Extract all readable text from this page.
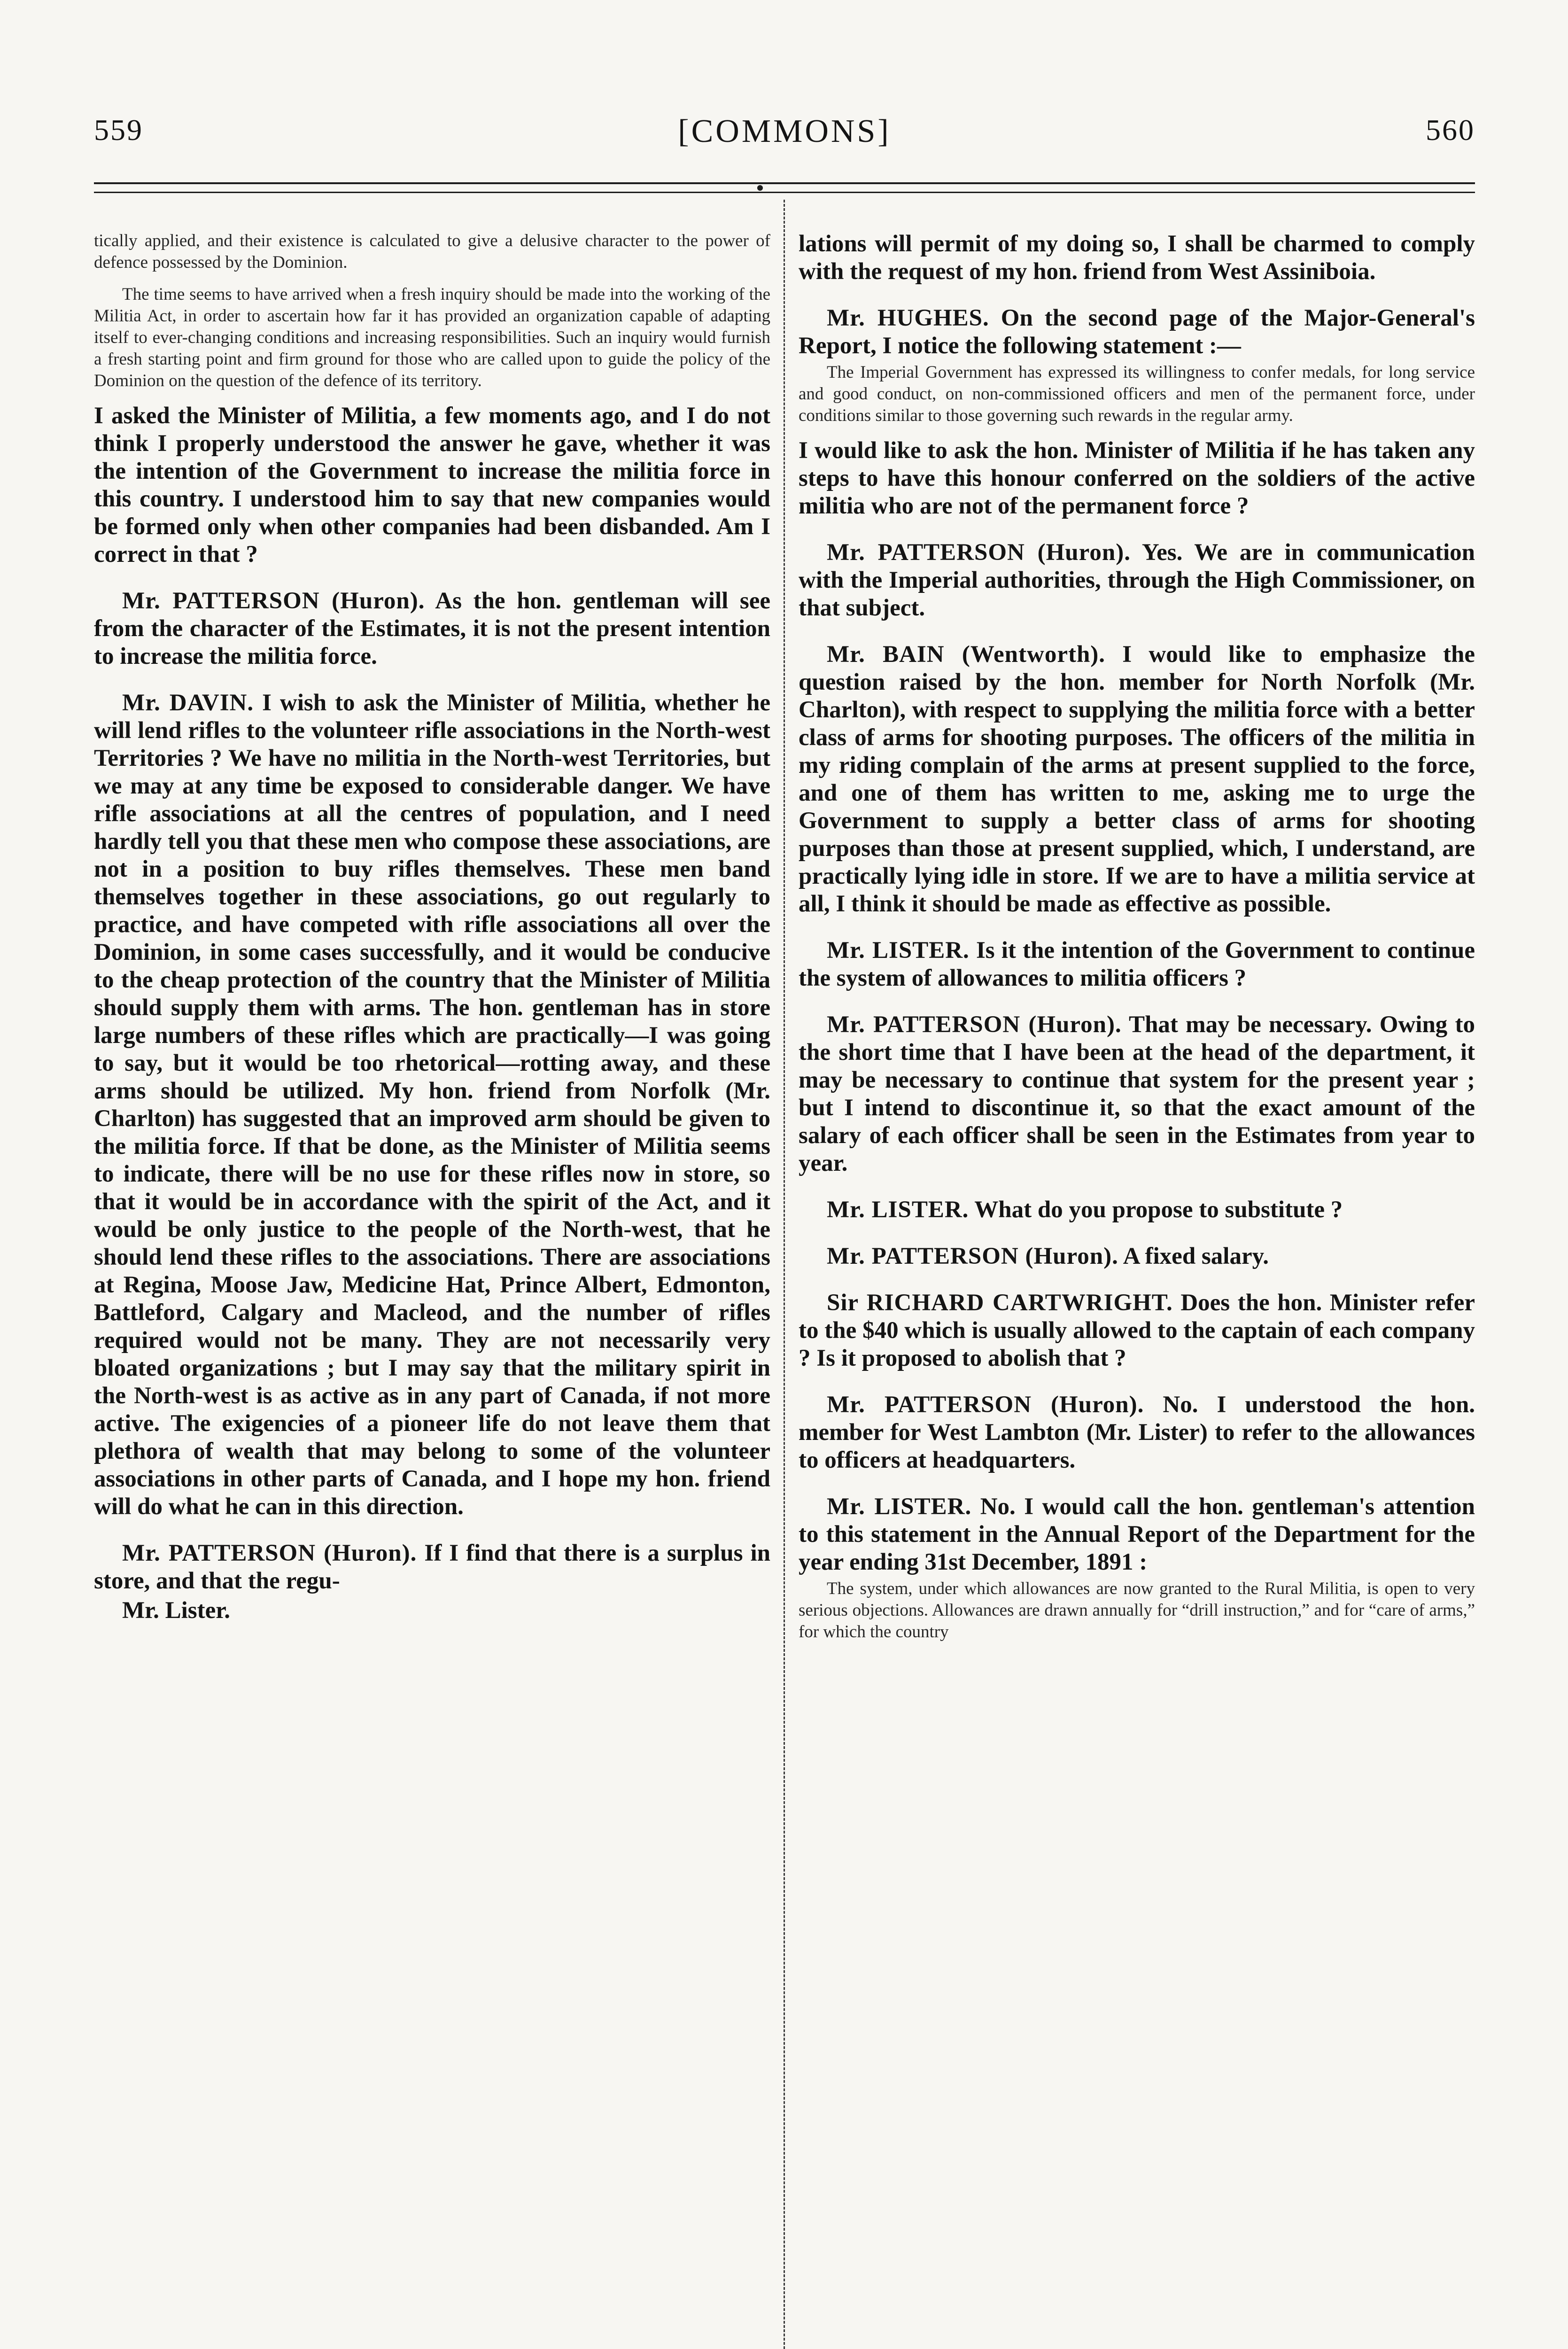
559	[COMMONS]	560

tically applied, and their existence is calculated to give a delusive character to the power of defence possessed by the Dominion.

The time seems to have arrived when a fresh inquiry should be made into the working of the Militia Act, in order to ascertain how far it has provided an organization capable of adapting itself to ever-changing conditions and increasing responsibilities. Such an inquiry would furnish a fresh starting point and firm ground for those who are called upon to guide the policy of the Dominion on the question of the defence of its territory.

I asked the Minister of Militia, a few moments ago, and I do not think I properly understood the answer he gave, whether it was the intention of the Government to increase the militia force in this country. I understood him to say that new companies would be formed only when other companies had been disbanded. Am I correct in that ?

Mr. PATTERSON (Huron). As the hon. gentleman will see from the character of the Estimates, it is not the present intention to increase the militia force.

Mr. DAVIN. I wish to ask the Minister of Militia, whether he will lend rifles to the volunteer rifle associations in the North-west Territories ? We have no militia in the North-west Territories, but we may at any time be exposed to considerable danger. We have rifle associations at all the centres of population, and I need hardly tell you that these men who compose these associations, are not in a position to buy rifles themselves. These men band themselves together in these associations, go out regularly to practice, and have competed with rifle associations all over the Dominion, in some cases successfully, and it would be conducive to the cheap protection of the country that the Minister of Militia should supply them with arms. The hon. gentleman has in store large numbers of these rifles which are practically—I was going to say, but it would be too rhetorical—rotting away, and these arms should be utilized. My hon. friend from Norfolk (Mr. Charlton) has suggested that an improved arm should be given to the militia force. If that be done, as the Minister of Militia seems to indicate, there will be no use for these rifles now in store, so that it would be in accordance with the spirit of the Act, and it would be only justice to the people of the North-west, that he should lend these rifles to the associations. There are associations at Regina, Moose Jaw, Medicine Hat, Prince Albert, Edmonton, Battleford, Calgary and Macleod, and the number of rifles required would not be many. They are not necessarily very bloated organizations ; but I may say that the military spirit in the North-west is as active as in any part of Canada, if not more active. The exigencies of a pioneer life do not leave them that plethora of wealth that may belong to some of the volunteer associations in other parts of Canada, and I hope my hon. friend will do what he can in this direction.

Mr. PATTERSON (Huron). If I find that there is a surplus in store, and that the regu-

Mr. Lister.

lations will permit of my doing so, I shall be charmed to comply with the request of my hon. friend from West Assiniboia.

Mr. HUGHES. On the second page of the Major-General's Report, I notice the following statement :—

The Imperial Government has expressed its willingness to confer medals, for long service and good conduct, on non-commissioned officers and men of the permanent force, under conditions similar to those governing such rewards in the regular army.

I would like to ask the hon. Minister of Militia if he has taken any steps to have this honour conferred on the soldiers of the active militia who are not of the permanent force ?

Mr. PATTERSON (Huron). Yes. We are in communication with the Imperial authorities, through the High Commissioner, on that subject.

Mr. BAIN (Wentworth). I would like to emphasize the question raised by the hon. member for North Norfolk (Mr. Charlton), with respect to supplying the militia force with a better class of arms for shooting purposes. The officers of the militia in my riding complain of the arms at present supplied to the force, and one of them has written to me, asking me to urge the Government to supply a better class of arms for shooting purposes than those at present supplied, which, I understand, are practically lying idle in store. If we are to have a militia service at all, I think it should be made as effective as possible.

Mr. LISTER. Is it the intention of the Government to continue the system of allowances to militia officers ?

Mr. PATTERSON (Huron). That may be necessary. Owing to the short time that I have been at the head of the department, it may be necessary to continue that system for the present year ; but I intend to discontinue it, so that the exact amount of the salary of each officer shall be seen in the Estimates from year to year.

Mr. LISTER. What do you propose to substitute ?

Mr. PATTERSON (Huron). A fixed salary.

Sir RICHARD CARTWRIGHT. Does the hon. Minister refer to the $40 which is usually allowed to the captain of each company ? Is it proposed to abolish that ?

Mr. PATTERSON (Huron). No. I understood the hon. member for West Lambton (Mr. Lister) to refer to the allowances to officers at headquarters.

Mr. LISTER. No. I would call the hon. gentleman's attention to this statement in the Annual Report of the Department for the year ending 31st December, 1891 :

The system, under which allowances are now granted to the Rural Militia, is open to very serious objections. Allowances are drawn annually for “drill instruction,” and for “care of arms,” for which the country
